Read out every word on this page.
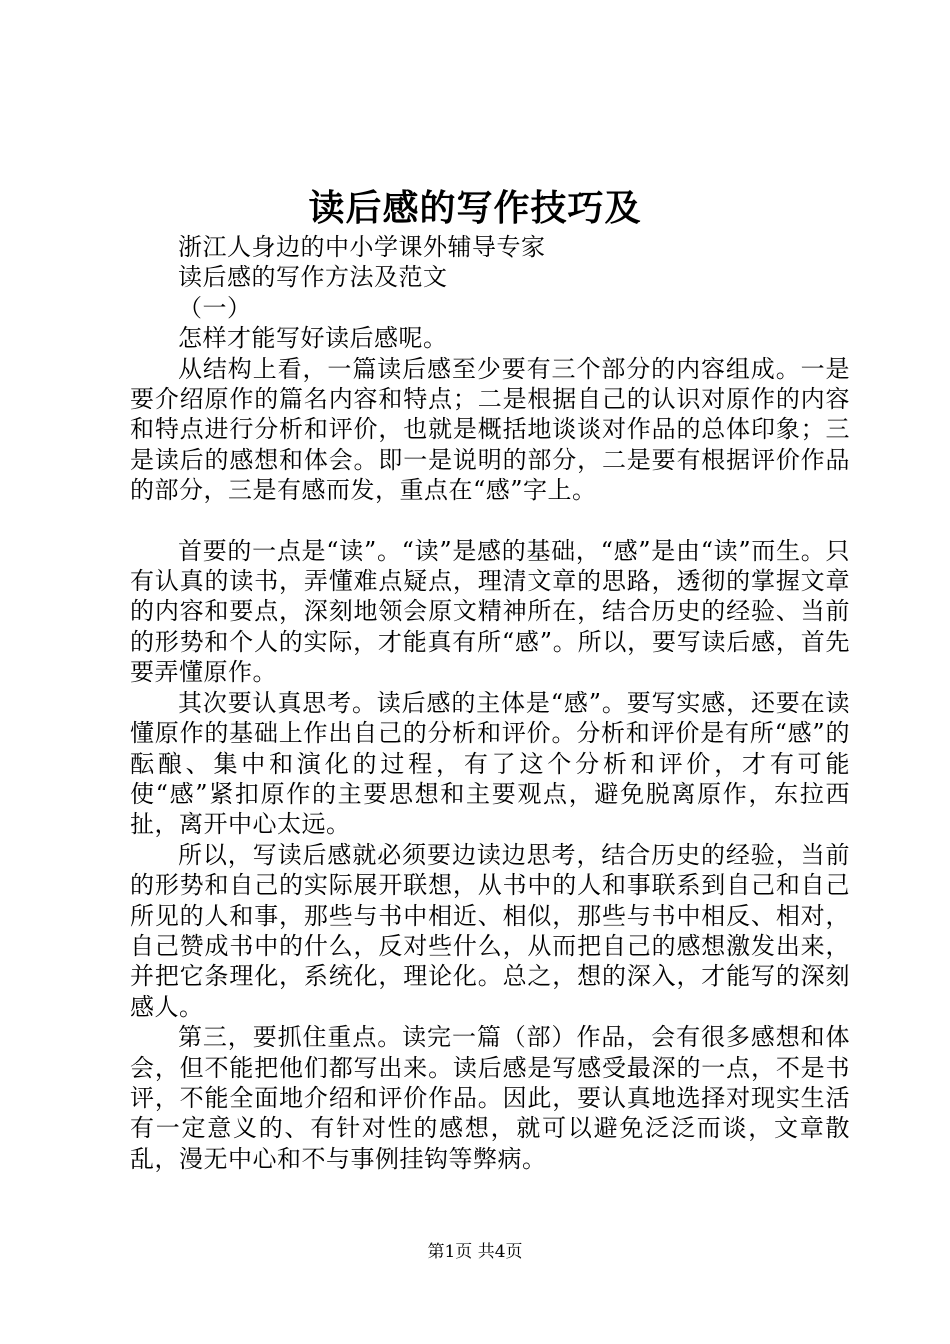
读后感的写作技巧及

浙江人身边的中小学课外辅导专家

读后感的写作方法及范文

（一）

怎样才能写好读后感呢。

从结构上看，一篇读后感至少要有三个部分的内容组成。一是要介绍原作的篇名内容和特点；二是根据自己的认识对原作的内容和特点进行分析和评价，也就是概括地谈谈对作品的总体印象；三是读后的感想和体会。即一是说明的部分，二是要有根据评价作品的部分，三是有感而发，重点在“感”字上。

首要的一点是“读”。“读”是感的基础，“感”是由“读”而生。只有认真的读书，弄懂难点疑点，理清文章的思路，透彻的掌握文章的内容和要点，深刻地领会原文精神所在，结合历史的经验、当前的形势和个人的实际，才能真有所“感”。所以，要写读后感，首先要弄懂原作。

其次要认真思考。读后感的主体是“感”。要写实感，还要在读懂原作的基础上作出自己的分析和评价。分析和评价是有所“感”的酝酿、集中和演化的过程，有了这个分析和评价，才有可能使“感”紧扣原作的主要思想和主要观点，避免脱离原作，东拉西扯，离开中心太远。

所以，写读后感就必须要边读边思考，结合历史的经验，当前的形势和自己的实际展开联想，从书中的人和事联系到自己和自己所见的人和事，那些与书中相近、相似，那些与书中相反、相对，自己赞成书中的什么，反对些什么，从而把自己的感想激发出来，并把它条理化，系统化，理论化。总之，想的深入，才能写的深刻感人。

第三，要抓住重点。读完一篇（部）作品，会有很多感想和体会，但不能把他们都写出来。读后感是写感受最深的一点，不是书评，不能全面地介绍和评价作品。因此，要认真地选择对现实生活有一定意义的、有针对性的感想，就可以避免泛泛而谈，文章散乱，漫无中心和不与事例挂钩等弊病。

第1页 共4页
